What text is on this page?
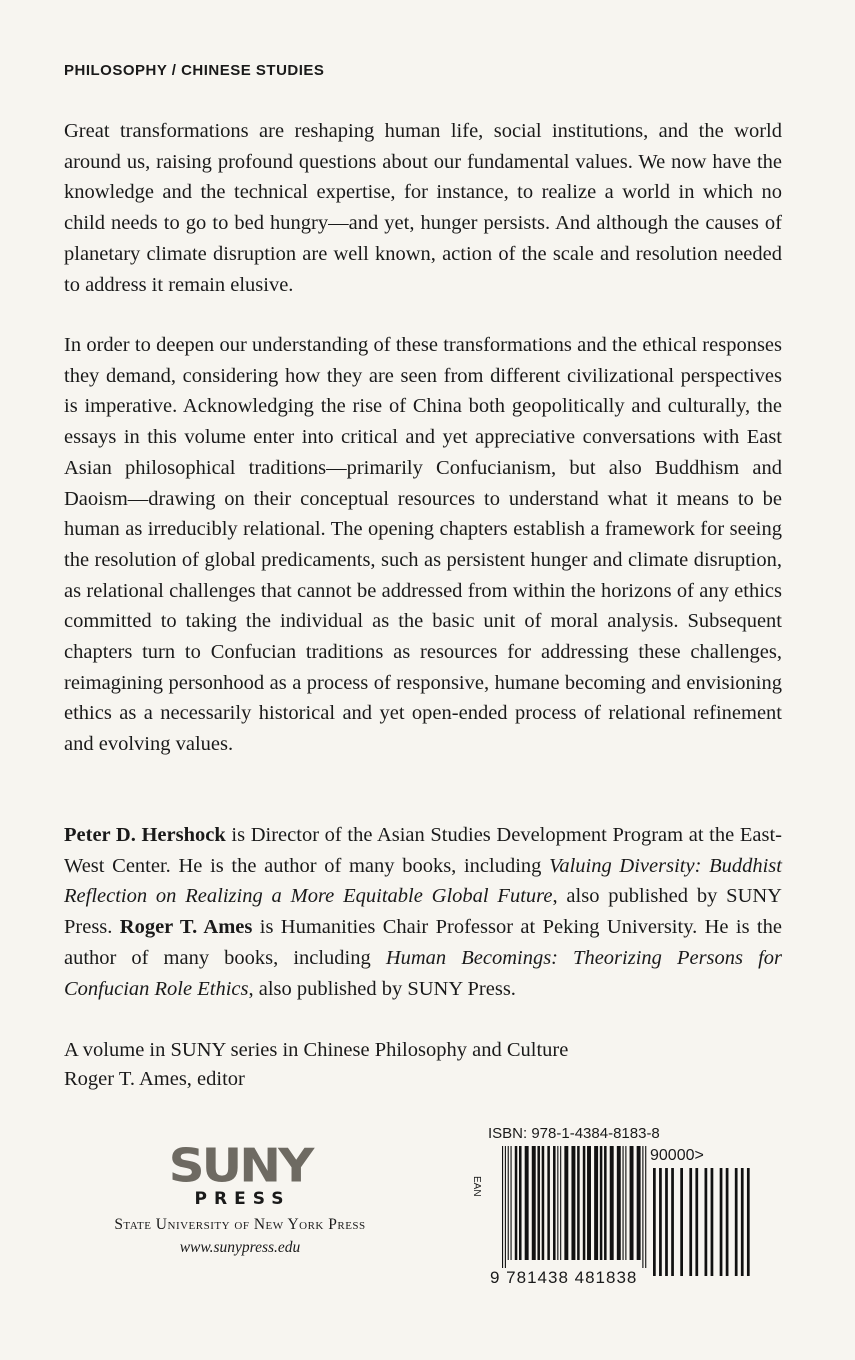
PHILOSOPHY / CHINESE STUDIES

Great transformations are reshaping human life, social institutions, and the world around us, raising profound questions about our fundamental values. We now have the knowledge and the technical expertise, for instance, to realize a world in which no child needs to go to bed hungry—and yet, hunger persists. And although the causes of planetary climate disruption are well known, action of the scale and resolution needed to address it remain elusive.

In order to deepen our understanding of these transformations and the ethical responses they demand, considering how they are seen from different civilizational perspectives is imperative. Acknowledging the rise of China both geopolitically and culturally, the essays in this volume enter into critical and yet appreciative conversations with East Asian philosophical traditions—primarily Confucianism, but also Buddhism and Daoism—drawing on their conceptual resources to understand what it means to be human as irreducibly relational. The opening chapters establish a framework for seeing the resolution of global predicaments, such as persistent hunger and climate disruption, as relational challenges that cannot be addressed from within the horizons of any ethics committed to taking the individual as the basic unit of moral analysis. Subsequent chapters turn to Confucian traditions as resources for addressing these challenges, reimagining personhood as a process of responsive, humane becoming and envisioning ethics as a necessarily historical and yet open-ended process of relational refinement and evolving values.

Peter D. Hershock is Director of the Asian Studies Development Program at the East-West Center. He is the author of many books, including Valuing Diversity: Buddhist Reflection on Realizing a More Equitable Global Future, also published by SUNY Press. Roger T. Ames is Humanities Chair Professor at Peking University. He is the author of many books, including Human Becomings: Theorizing Persons for Confucian Role Ethics, also published by SUNY Press.

A volume in SUNY series in Chinese Philosophy and Culture
Roger T. Ames, editor
SUNY
PRESS
State University of New York Press
www.sunypress.edu
ISBN: 978-1-4384-8183-8
EAN
9 781438 481838
90000>
